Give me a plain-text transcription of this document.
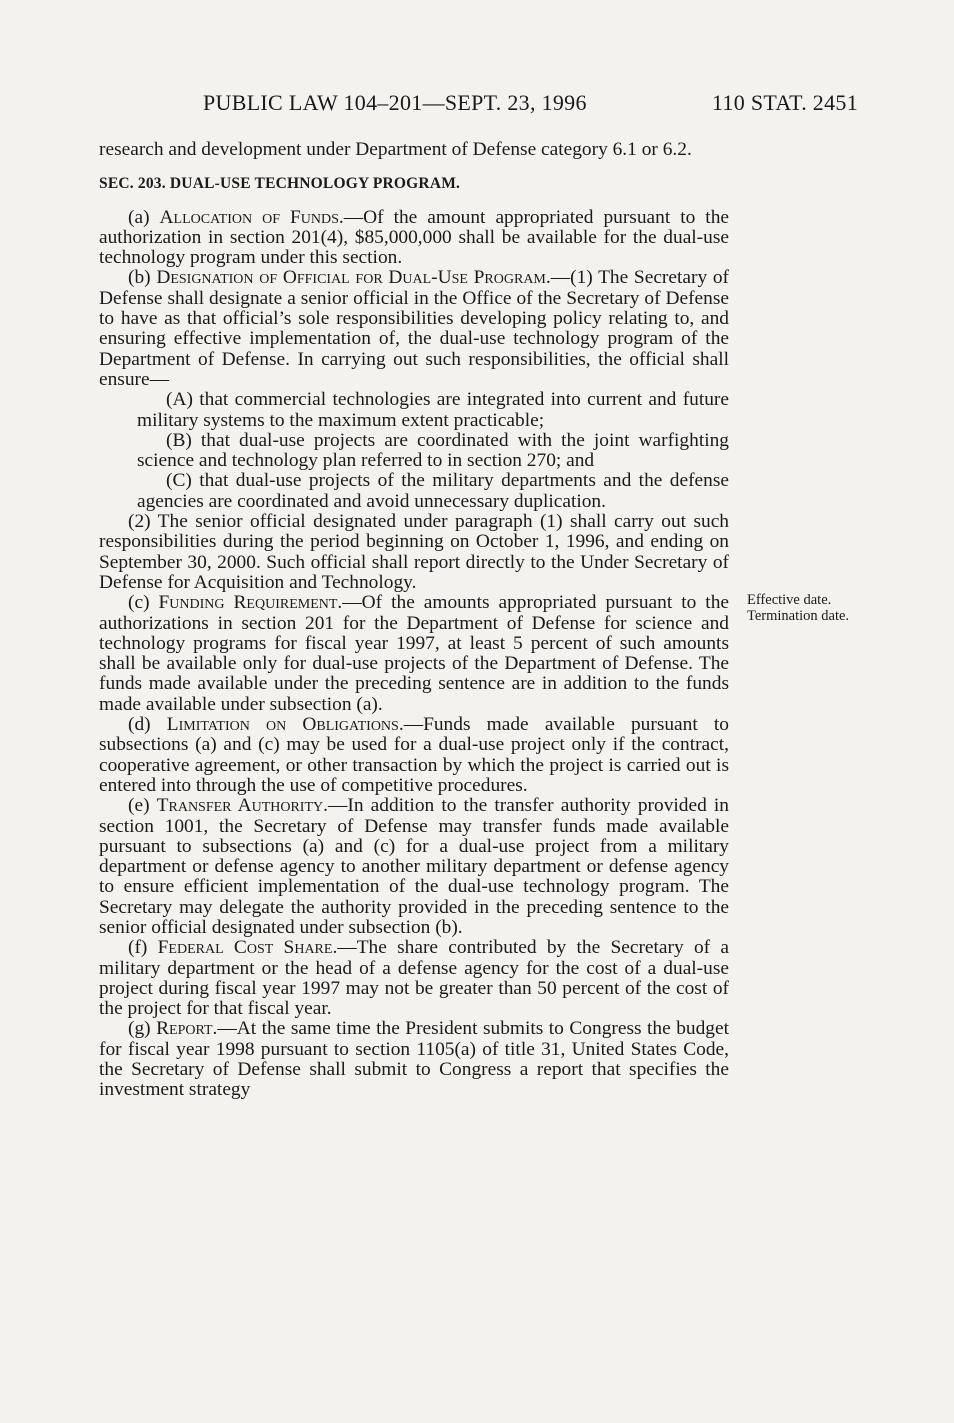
PUBLIC LAW 104–201—SEPT. 23, 1996	110 STAT. 2451

research and development under Department of Defense category 6.1 or 6.2.

SEC. 203. DUAL-USE TECHNOLOGY PROGRAM.

(a) Allocation of Funds.—Of the amount appropriated pursuant to the authorization in section 201(4), $85,000,000 shall be available for the dual-use technology program under this section.

(b) Designation of Official for Dual-Use Program.—(1) The Secretary of Defense shall designate a senior official in the Office of the Secretary of Defense to have as that official’s sole responsibilities developing policy relating to, and ensuring effective implementation of, the dual-use technology program of the Department of Defense. In carrying out such responsibilities, the official shall ensure—

(A) that commercial technologies are integrated into current and future military systems to the maximum extent practicable;

(B) that dual-use projects are coordinated with the joint warfighting science and technology plan referred to in section 270; and

(C) that dual-use projects of the military departments and the defense agencies are coordinated and avoid unnecessary duplication.

(2) The senior official designated under paragraph (1) shall carry out such responsibilities during the period beginning on October 1, 1996, and ending on September 30, 2000. Such official shall report directly to the Under Secretary of Defense for Acquisition and Technology.

(c) Funding Requirement.—Of the amounts appropriated pursuant to the authorizations in section 201 for the Department of Defense for science and technology programs for fiscal year 1997, at least 5 percent of such amounts shall be available only for dual-use projects of the Department of Defense. The funds made available under the preceding sentence are in addition to the funds made available under subsection (a).

(d) Limitation on Obligations.—Funds made available pursuant to subsections (a) and (c) may be used for a dual-use project only if the contract, cooperative agreement, or other transaction by which the project is carried out is entered into through the use of competitive procedures.

(e) Transfer Authority.—In addition to the transfer authority provided in section 1001, the Secretary of Defense may transfer funds made available pursuant to subsections (a) and (c) for a dual-use project from a military department or defense agency to another military department or defense agency to ensure efficient implementation of the dual-use technology program. The Secretary may delegate the authority provided in the preceding sentence to the senior official designated under subsection (b).

(f) Federal Cost Share.—The share contributed by the Secretary of a military department or the head of a defense agency for the cost of a dual-use project during fiscal year 1997 may not be greater than 50 percent of the cost of the project for that fiscal year.

(g) Report.—At the same time the President submits to Congress the budget for fiscal year 1998 pursuant to section 1105(a) of title 31, United States Code, the Secretary of Defense shall submit to Congress a report that specifies the investment strategy

Effective date.
Termination date.
